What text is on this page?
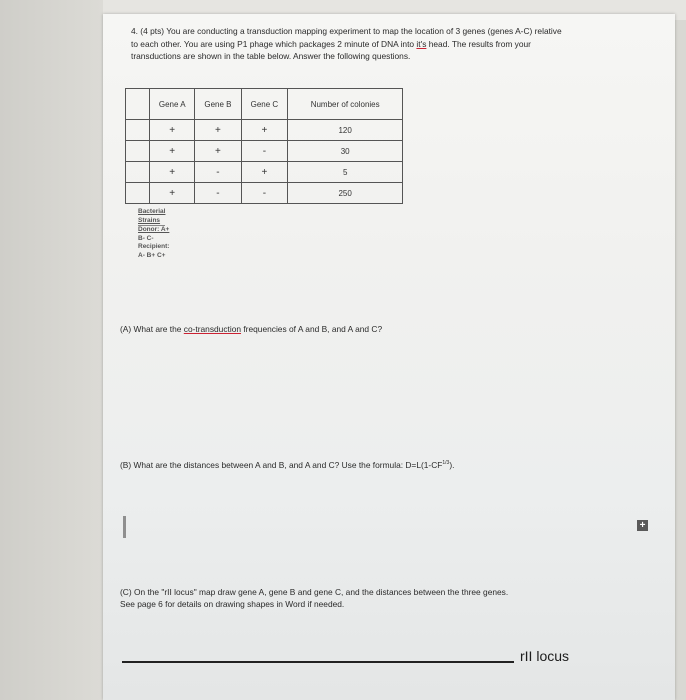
4. (4 pts) You are conducting a transduction mapping experiment to map the location of 3 genes (genes A-C) relative to each other. You are using P1 phage which packages 2 minute of DNA into it's head. The results from your transductions are shown in the table below. Answer the following questions.

	Gene A	Gene B	Gene C	Number of colonies
	+	+	+	120
	+	+	-	30
	+	-	+	5
	+	-	-	250
Bacterial
Strains
Donor: A+
B- C-
Recipient:
A- B+ C+

(A) What are the co-transduction frequencies of A and B, and A and C?

(B) What are the distances between A and B, and A and C? Use the formula: $D=L(1-CF^{1/3})$.

+

(C) On the "rII locus" map draw gene A, gene B and gene C, and the distances between the three genes.
See page 6 for details on drawing shapes in Word if needed.

rII locus
